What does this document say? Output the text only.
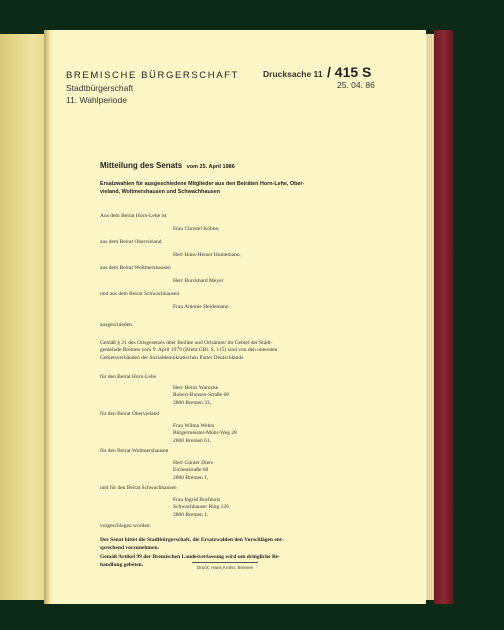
BREMISCHE BÜRGERSCHAFT
Stadtbürgerschaft
11. Wahlperiode
Drucksache 11 / 415 S
25. 04. 86
Mitteilung des Senats vom 25. April 1986
Ersatzwahlen für ausgeschiedene Mitglieder aus den Beiräten Horn-Lehe, Ober-
vieland, Woltmershausen und Schwachhausen
Aus dem Beirat Horn-Lehe ist
Frau Christel Köhne,
aus dem Beirat Obervieland
Herr Hans-Heiner Huntemann,
aus dem Beirat Woltmershausen
Herr Burckhard Meyer
und aus dem Beirat Schwachhausen
Frau Antonie Heidemann
ausgeschieden.
Gemäß § 21 des Ortsgesetzes über Beiräte und Ortsämter im Gebiet der Stadt-
gemeinde Bremen vom 9. April 1979 (Brem.GBl. S. 115) sind von den untersten
Gebietsverbänden der Sozialdemokratischen Partei Deutschlands
für den Beirat Horn-Lehe
Herr Heinz Warncke
Robert-Bunsen-Straße 68
2800 Bremen 33,
für den Beirat Obervieland
Frau Wilma Wehrs
Bürgermeister-Mohr-Weg 28
2800 Bremen 61,
für den Beirat Woltmershausen
Herr Günter Diers
Eichenstraße 68
2800 Bremen 1,
und für den Beirat Schwachhausen
Frau Ingrid Buchholz
Schwachhauser Ring 126
2800 Bremen 1,
vorgeschlagen worden.
Der Senat bittet die Stadtbürgerschaft, die Ersatzwahlen den Vorschlägen ent-
sprechend vorzunehmen.
Gemäß Artikel 99 der Bremischen Landesverfassung wird um dringliche Be-
handlung gebeten.	Druck: Hans Krohn, Bremen
